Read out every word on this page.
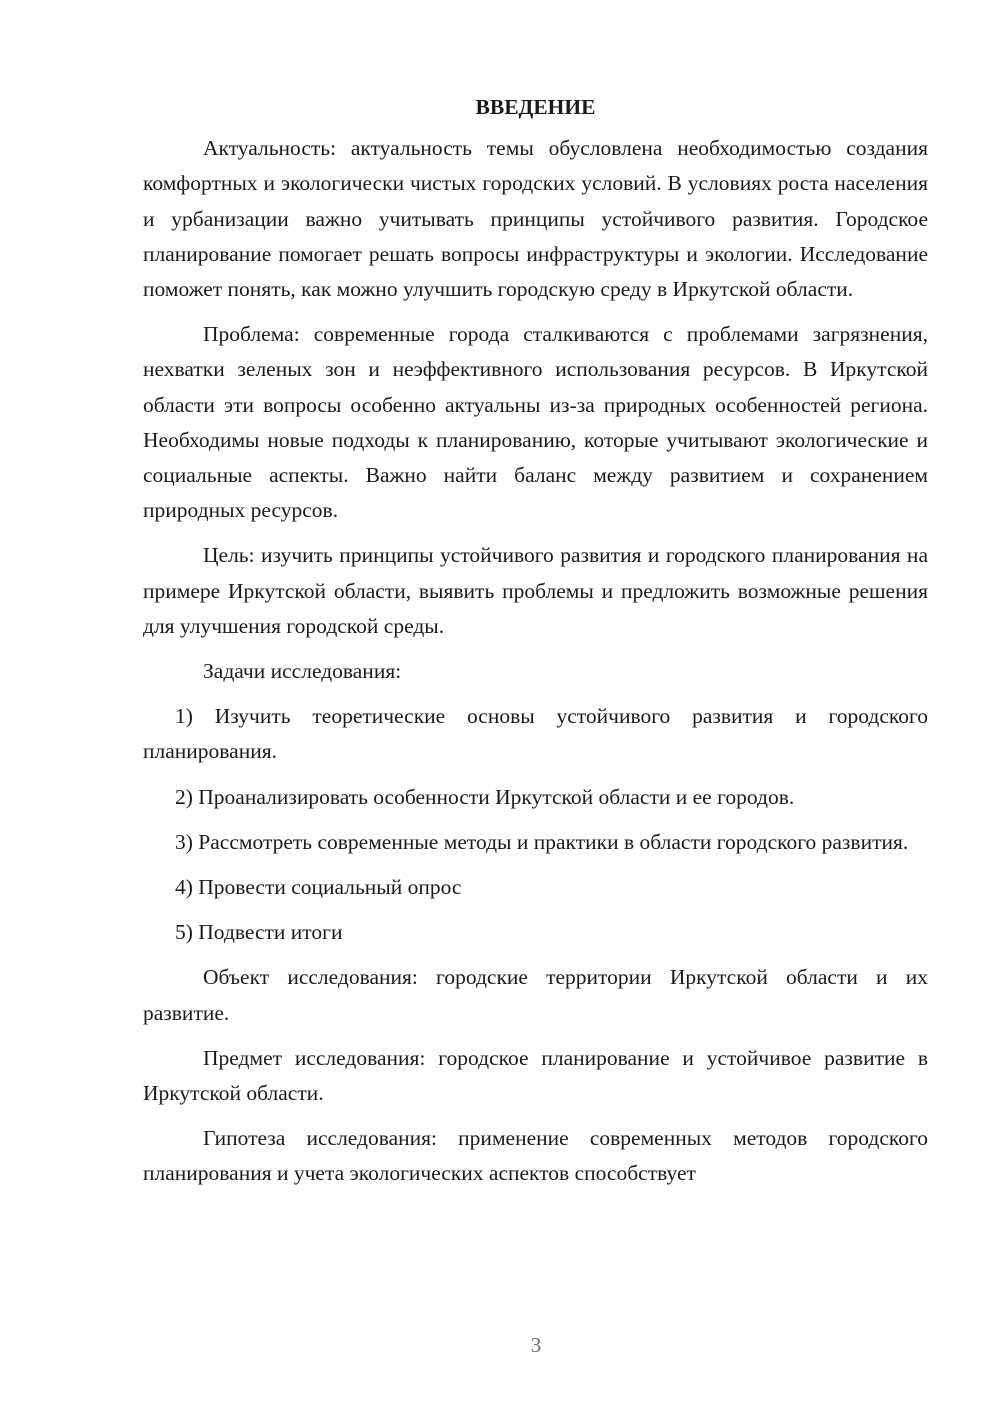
ВВЕДЕНИЕ

Актуальность: актуальность темы обусловлена необходимостью создания комфортных и экологически чистых городских условий. В условиях роста населения и урбанизации важно учитывать принципы устойчивого развития. Городское планирование помогает решать вопросы инфраструктуры и экологии. Исследование поможет понять, как можно улучшить городскую среду в Иркутской области.

Проблема: современные города сталкиваются с проблемами загрязнения, нехватки зеленых зон и неэффективного использования ресурсов. В Иркутской области эти вопросы особенно актуальны из-за природных особенностей региона. Необходимы новые подходы к планированию, которые учитывают экологические и социальные аспекты. Важно найти баланс между развитием и сохранением природных ресурсов.

Цель: изучить принципы устойчивого развития и городского планирования на примере Иркутской области, выявить проблемы и предложить возможные решения для улучшения городской среды.

Задачи исследования:

1) Изучить теоретические основы устойчивого развития и городского планирования.

2) Проанализировать особенности Иркутской области и ее городов.

3) Рассмотреть современные методы и практики в области городского развития.

4) Провести социальный опрос

5) Подвести итоги

Объект исследования: городские территории Иркутской области и их развитие.

Предмет исследования: городское планирование и устойчивое развитие в Иркутской области.

Гипотеза исследования: применение современных методов городского планирования и учета экологических аспектов способствует

3
